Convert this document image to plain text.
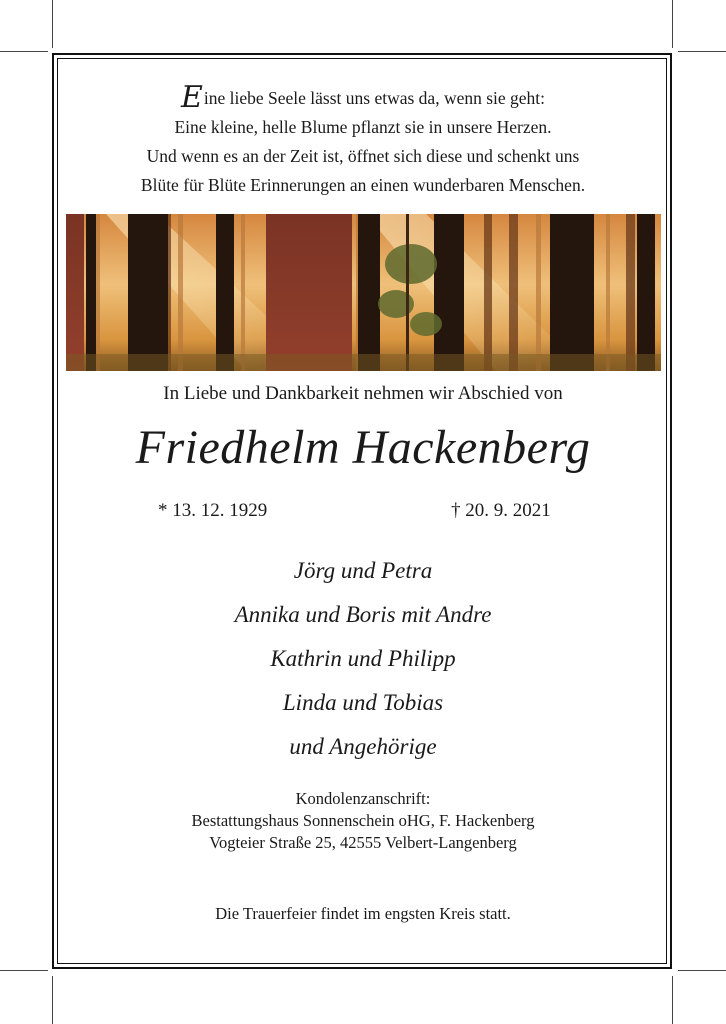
Eine liebe Seele lässt uns etwas da, wenn sie geht:
Eine kleine, helle Blume pflanzt sie in unsere Herzen.
Und wenn es an der Zeit ist, öffnet sich diese und schenkt uns
Blüte für Blüte Erinnerungen an einen wunderbaren Menschen.
In Liebe und Dankbarkeit nehmen wir Abschied von
Friedhelm Hackenberg
* 13. 12. 1929	† 20. 9. 2021
Jörg und Petra
Annika und Boris mit Andre
Kathrin und Philipp
Linda und Tobias
und Angehörige
Kondolenzanschrift:
Bestattungshaus Sonnenschein oHG, F. Hackenberg
Vogteier Straße 25, 42555 Velbert-Langenberg
Die Trauerfeier findet im engsten Kreis statt.
